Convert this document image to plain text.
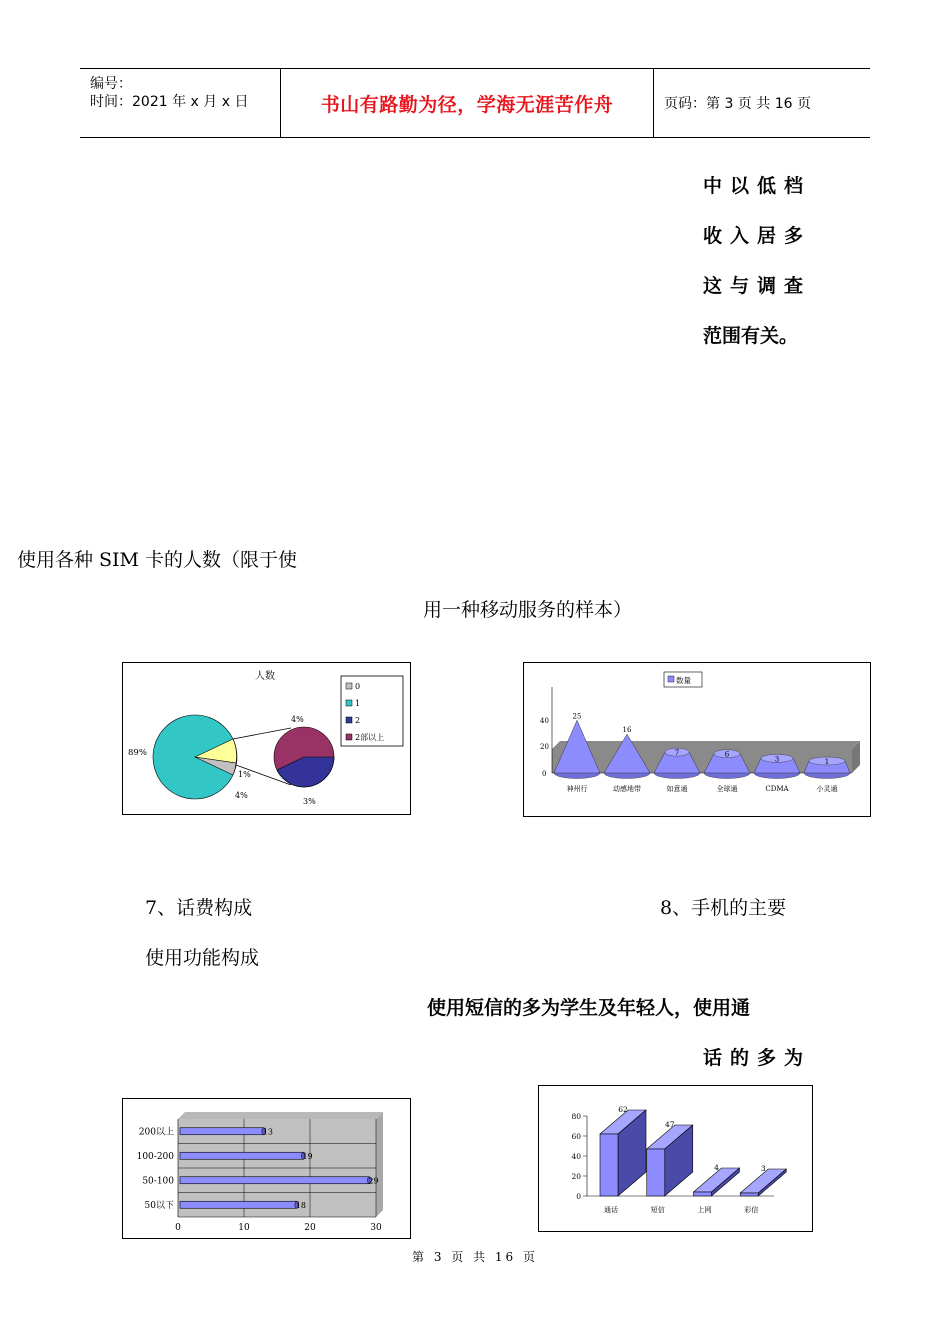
编号：
时间：2021 年 x 月 x 日	书山有路勤为径，学海无涯苦作舟	页码：第 3 页 共 16 页
中以低档
收入居多
这与调查
范围有关。
使用各种 SIM 卡的人数（限于使
用一种移动服务的样本）
人数
89%
4%
1%
4%
3%
0
1
2
2部以上
数量
40
20
0
25
神州行
16
动感地带
7
如意通
6
全球通
3
CDMA
1
小灵通
7、话费构成	8、手机的主要
使用功能构成
使用短信的多为学生及年轻人，使用通
话的多为
0	10	20	30
13
200以上
19
100-200
29
50-100
18
50以下
0
20
40
60
80
62
通话
47
短信
4
上网
3
彩信
第 3 页 共 16 页
